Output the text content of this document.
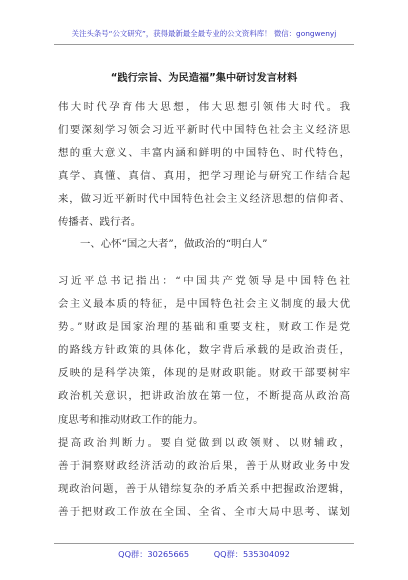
关注头条号“公文研究”，获得最新最全最专业的公文资料库！ 微信：gongwenyj
“践行宗旨、为民造福”集中研讨发言材料
伟大时代孕育伟大思想，伟大思想引领伟大时代。我
们要深刻学习领会习近平新时代中国特色社会主义经济思
想的重大意义、丰富内涵和鲜明的中国特色、时代特色，
真学、真懂、真信、真用，把学习理论与研究工作结合起
来，做习近平新时代中国特色社会主义经济思想的信仰者、
传播者、践行者。
一、心怀“国之大者”，做政治的“明白人”
习近平总书记指出：“中国共产党领导是中国特色社
会主义最本质的特征，是中国特色社会主义制度的最大优
势。”财政是国家治理的基础和重要支柱，财政工作是党
的路线方针政策的具体化，数字背后承载的是政治责任，
反映的是科学决策，体现的是财政职能。财政干部要树牢
政治机关意识，把讲政治放在第一位，不断提高从政治高
度思考和推动财政工作的能力。
提高政治判断力。要自觉做到以政领财、以财辅政，
善于洞察财政经济活动的政治后果，善于从财政业务中发
现政治问题，善于从错综复杂的矛盾关系中把握政治逻辑，
善于把财政工作放在全国、全省、全市大局中思考、谋划
QQ群：30265665	QQ群：535304092
